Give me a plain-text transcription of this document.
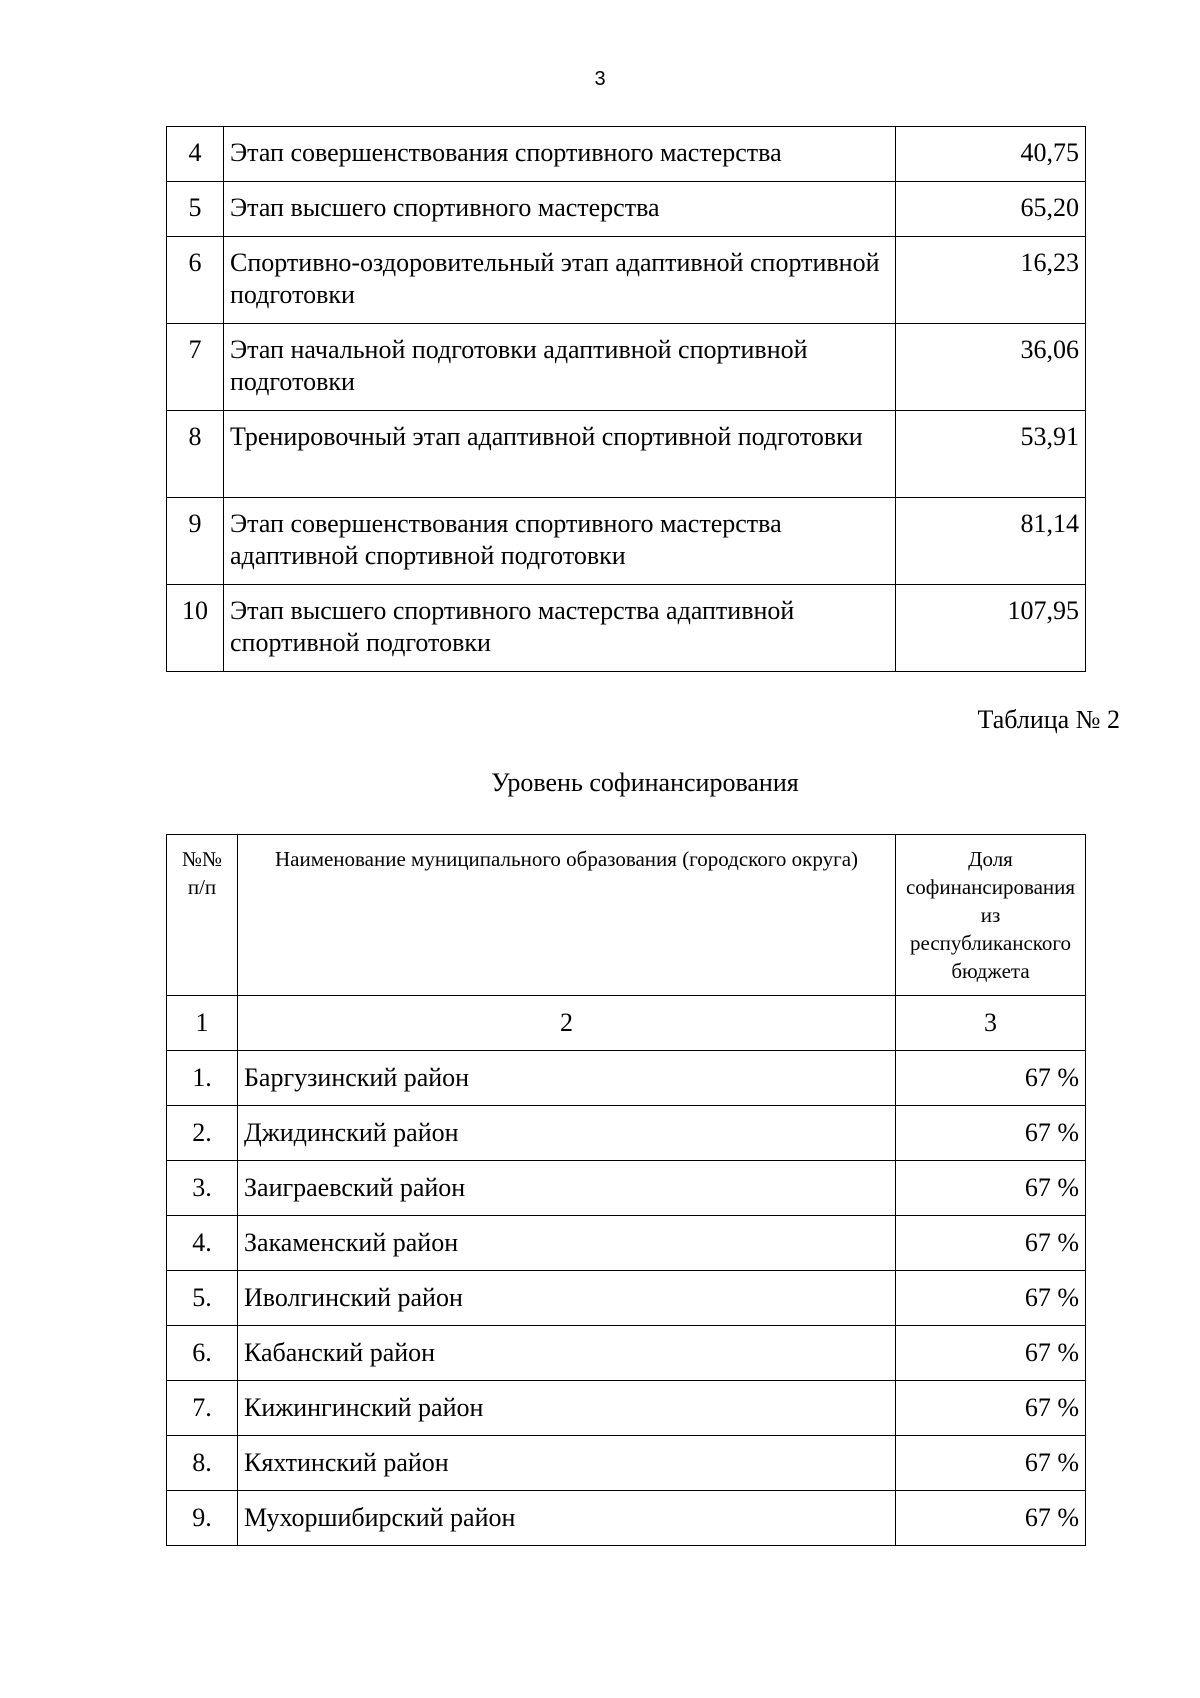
3
4	Этап совершенствования спортивного мастерства	40,75
5	Этап высшего спортивного мастерства	65,20
6	Спортивно-оздоровительный этап адаптивной спортивной подготовки	16,23
7	Этап начальной подготовки адаптивной спортивной подготовки	36,06
8	Тренировочный этап адаптивной спортивной подготовки	53,91
9	Этап совершенствования спортивного мастерства адаптивной спортивной подготовки	81,14
10	Этап высшего спортивного мастерства адаптивной спортивной подготовки	107,95
Таблица № 2
Уровень софинансирования
№№ п/п	Наименование муниципального образования (городского округа)	Доля софинансирования из республиканского бюджета
1	2	3
1.	Баргузинский район	67 %
2.	Джидинский район	67 %
3.	Заиграевский район	67 %
4.	Закаменский район	67 %
5.	Иволгинский район	67 %
6.	Кабанский район	67 %
7.	Кижингинский район	67 %
8.	Кяхтинский район	67 %
9.	Мухоршибирский район	67 %
